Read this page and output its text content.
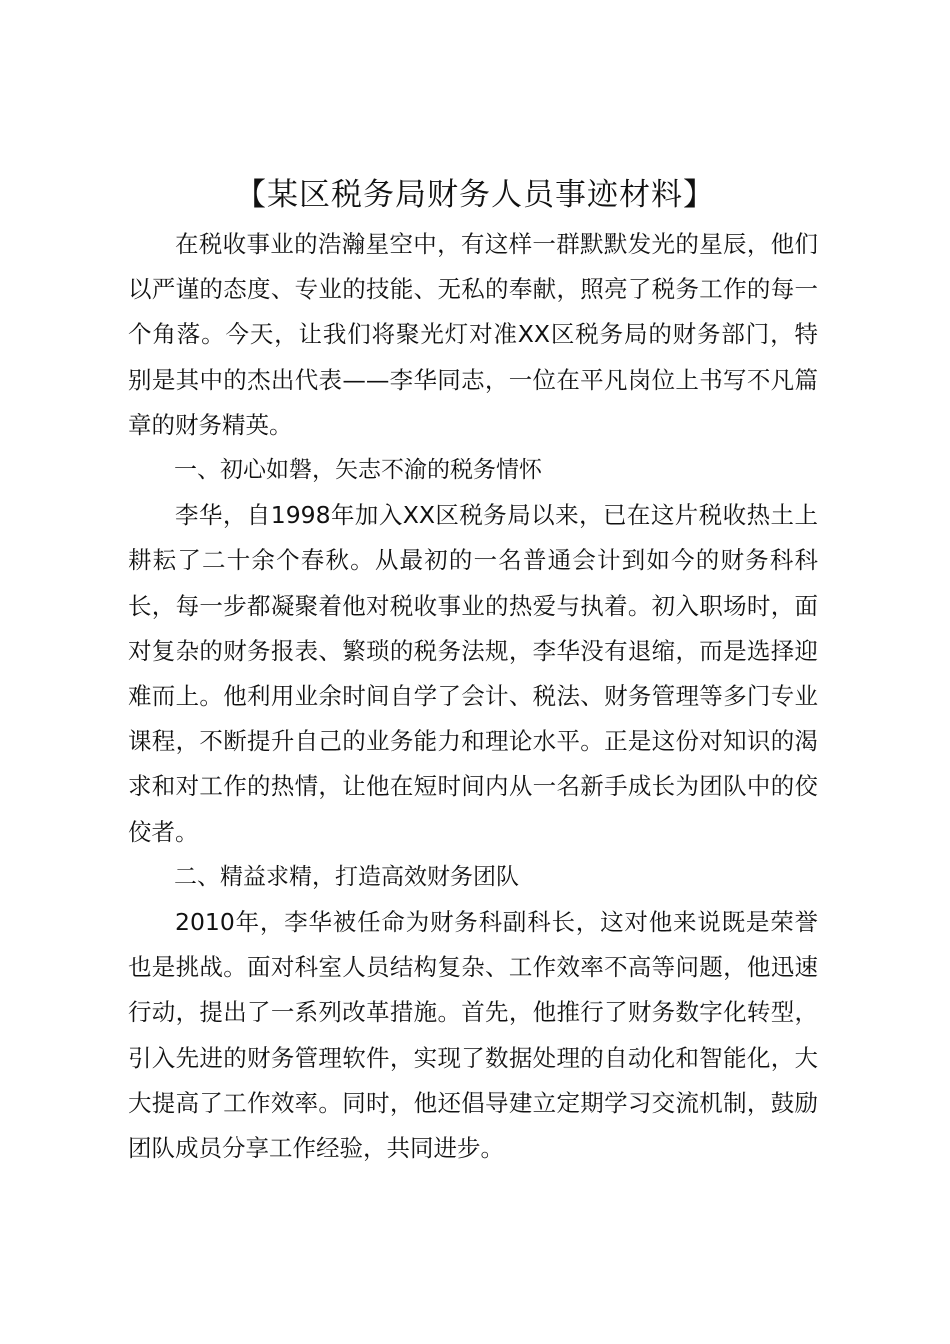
【某区税务局财务人员事迹材料】

在税收事业的浩瀚星空中，有这样一群默默发光的星辰，他们以严谨的态度、专业的技能、无私的奉献，照亮了税务工作的每一个角落。今天，让我们将聚光灯对准XX区税务局的财务部门，特别是其中的杰出代表——李华同志，一位在平凡岗位上书写不凡篇章的财务精英。

一、初心如磐，矢志不渝的税务情怀

李华，自1998年加入XX区税务局以来，已在这片税收热土上耕耘了二十余个春秋。从最初的一名普通会计到如今的财务科科长，每一步都凝聚着他对税收事业的热爱与执着。初入职场时，面对复杂的财务报表、繁琐的税务法规，李华没有退缩，而是选择迎难而上。他利用业余时间自学了会计、税法、财务管理等多门专业课程，不断提升自己的业务能力和理论水平。正是这份对知识的渴求和对工作的热情，让他在短时间内从一名新手成长为团队中的佼佼者。

二、精益求精，打造高效财务团队

2010年，李华被任命为财务科副科长，这对他来说既是荣誉也是挑战。面对科室人员结构复杂、工作效率不高等问题，他迅速行动，提出了一系列改革措施。首先，他推行了财务数字化转型，引入先进的财务管理软件，实现了数据处理的自动化和智能化，大大提高了工作效率。同时，他还倡导建立定期学习交流机制，鼓励团队成员分享工作经验，共同进步。
